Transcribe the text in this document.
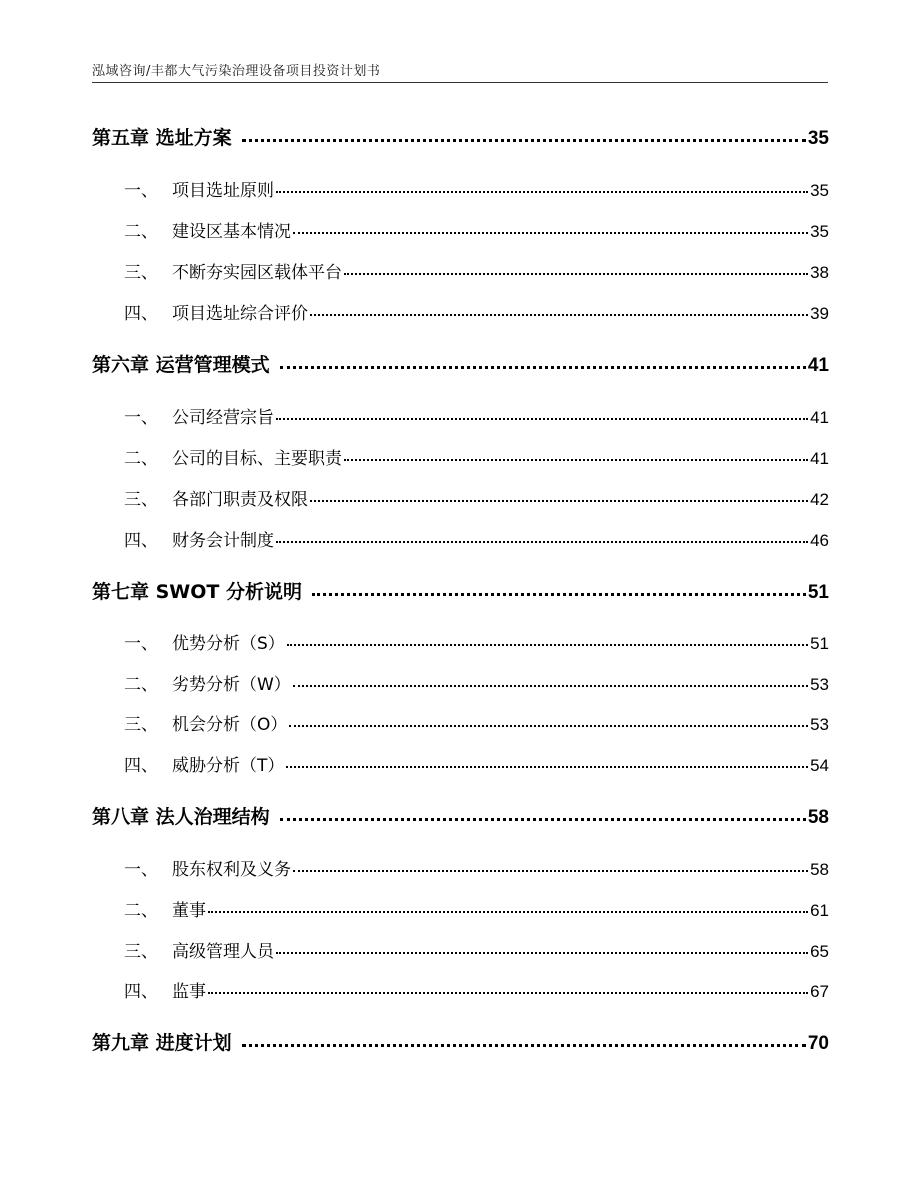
泓域咨询/丰都大气污染治理设备项目投资计划书
第五章 选址方案	35
一、 项目选址原则	35
二、 建设区基本情况	35
三、 不断夯实园区载体平台	38
四、 项目选址综合评价	39
第六章 运营管理模式	41
一、 公司经营宗旨	41
二、 公司的目标、主要职责	41
三、 各部门职责及权限	42
四、 财务会计制度	46
第七章 SWOT 分析说明	51
一、 优势分析（S）	51
二、 劣势分析（W）	53
三、 机会分析（O）	53
四、 威胁分析（T）	54
第八章 法人治理结构	58
一、 股东权利及义务	58
二、 董事	61
三、 高级管理人员	65
四、 监事	67
第九章 进度计划	70
